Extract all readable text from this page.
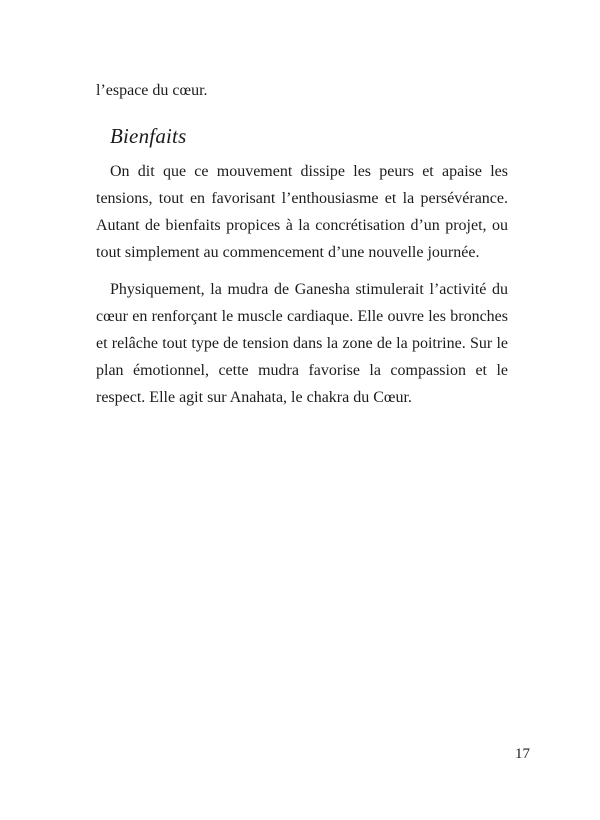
l’espace du cœur.

Bienfaits

On dit que ce mouvement dissipe les peurs et apaise les tensions, tout en favorisant l’enthousiasme et la persévérance. Autant de bienfaits propices à la concrétisation d’un projet, ou tout simplement au commencement d’une nouvelle journée.

Physiquement, la mudra de Ganesha stimulerait l’activité du cœur en renforçant le muscle cardiaque. Elle ouvre les bronches et relâche tout type de tension dans la zone de la poitrine. Sur le plan émotionnel, cette mudra favorise la compassion et le respect. Elle agit sur Anahata, le chakra du Cœur.

17
